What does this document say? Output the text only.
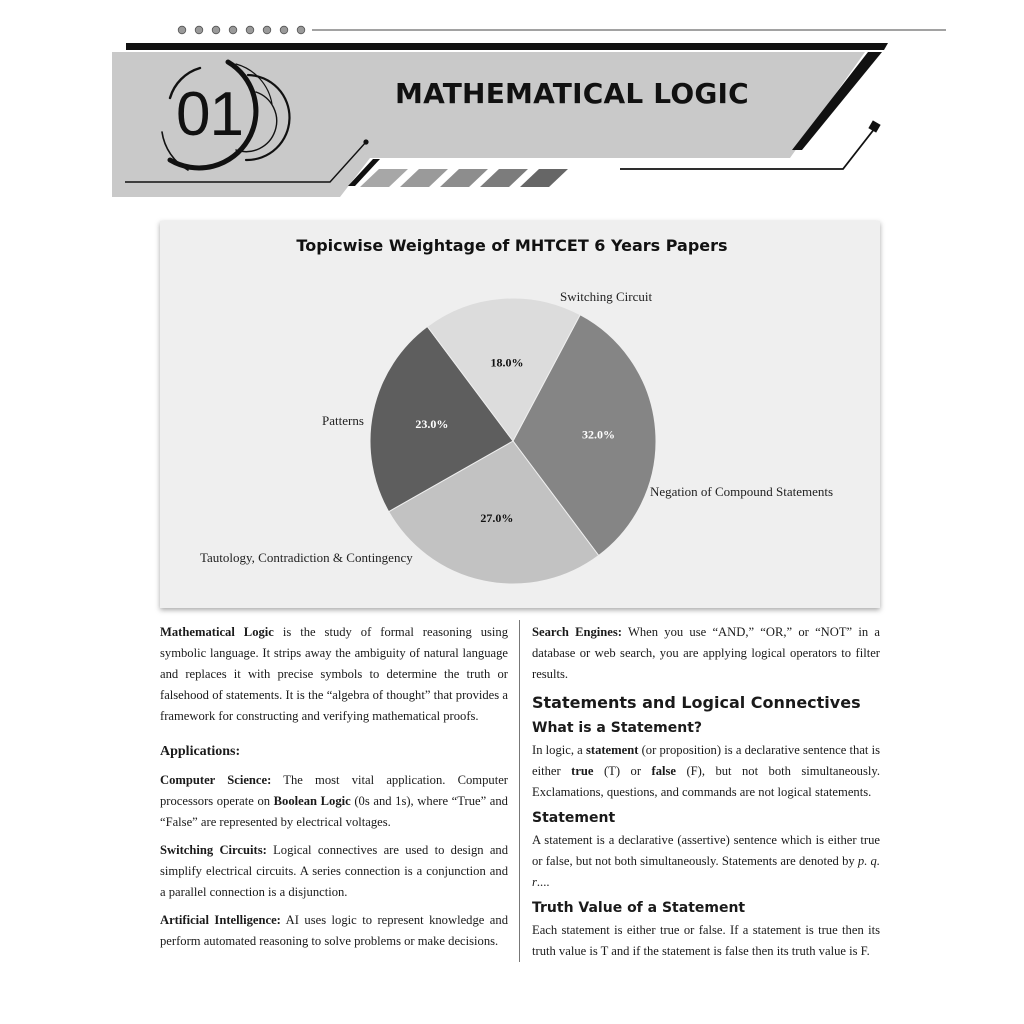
01	MATHEMATICAL LOGIC
Topicwise Weightage of MHTCET 6 Years Papers
32.0%
Switching Circuit
27.0%
Negation of Compound Statements
23.0%
Tautology, Contradiction & Contingency
18.0%
Patterns

Mathematical Logic is the study of formal reasoning using symbolic language. It strips away the ambiguity of natural language and replaces it with precise symbols to determine the truth or falsehood of statements. It is the “algebra of thought” that provides a framework for constructing and verifying mathematical proofs.

Applications:

Computer Science: The most vital application. Computer processors operate on Boolean Logic (0s and 1s), where “True” and “False” are represented by electrical voltages.

Switching Circuits: Logical connectives are used to design and simplify electrical circuits. A series connection is a conjunction and a parallel connection is a disjunction.

Artificial Intelligence: AI uses logic to represent knowledge and perform automated reasoning to solve problems or make decisions.

Search Engines: When you use “AND,” “OR,” or “NOT” in a database or web search, you are applying logical operators to filter results.

Statements and Logical Connectives
What is a Statement?

In logic, a statement (or proposition) is a declarative sentence that is either true (T) or false (F), but not both simultaneously. Exclamations, questions, and commands are not logical statements.

Statement

A statement is a declarative (assertive) sentence which is either true or false, but not both simultaneously. Statements are denoted by p. q. r....

Truth Value of a Statement

Each statement is either true or false. If a statement is true then its truth value is T and if the statement is false then its truth value is F.
